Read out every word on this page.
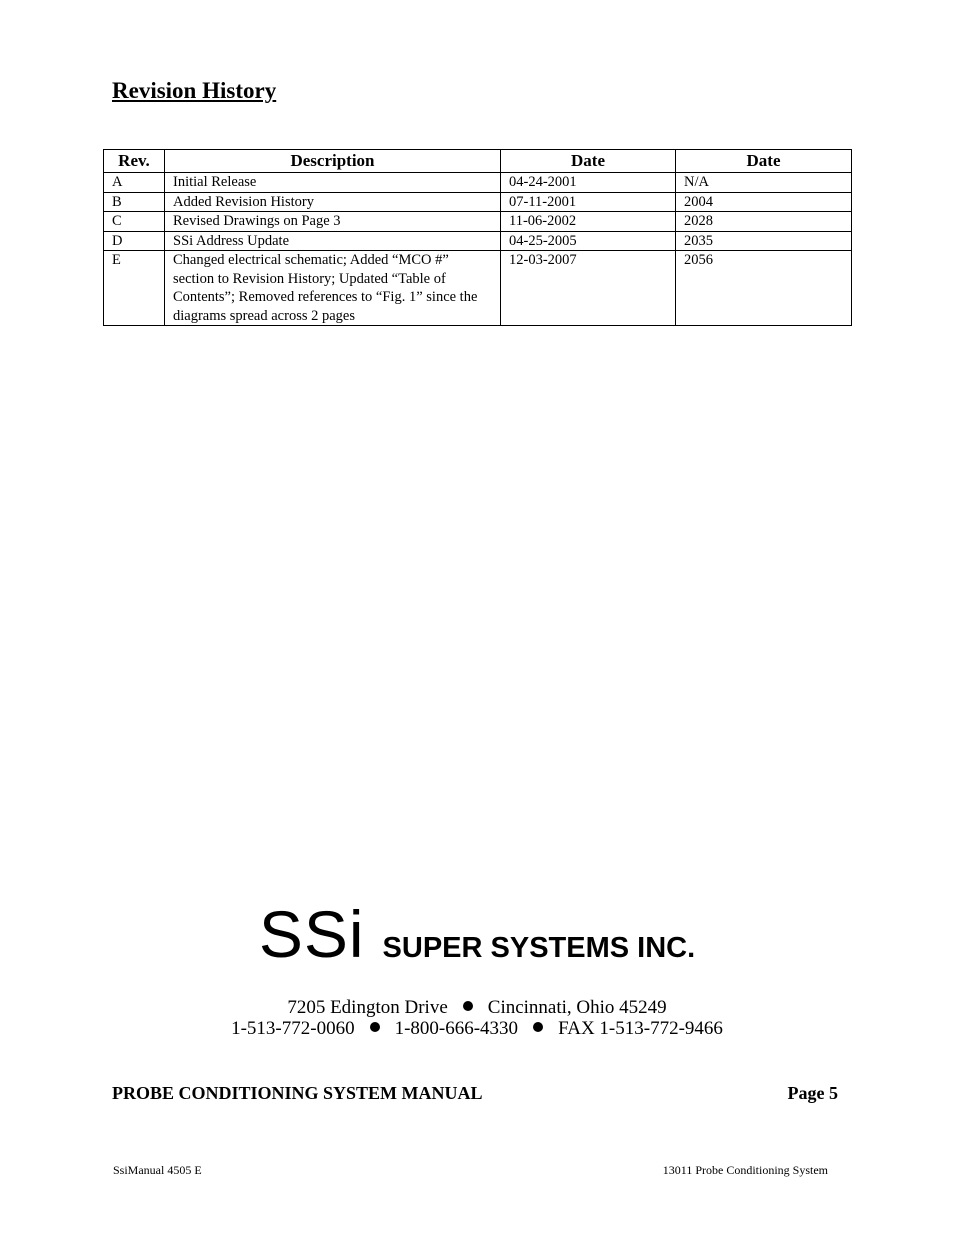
Revision History
Rev.	Description	Date	Date
A	Initial Release	04-24-2001	N/A
B	Added Revision History	07-11-2001	2004
C	Revised Drawings on Page 3	11-06-2002	2028
D	SSi Address Update	04-25-2005	2035
E	Changed electrical schematic; Added “MCO #” section to Revision History; Updated “Table of Contents”; Removed references to “Fig. 1” since the diagrams spread across 2 pages	12-03-2007	2056
SSi SUPER SYSTEMS INC.
7205 Edington Drive Cincinnati, Ohio 45249
1-513-772-0060 1-800-666-4330 FAX 1-513-772-9466
PROBE CONDITIONING SYSTEM MANUAL	Page 5
SsiManual 4505 E	13011 Probe Conditioning System
